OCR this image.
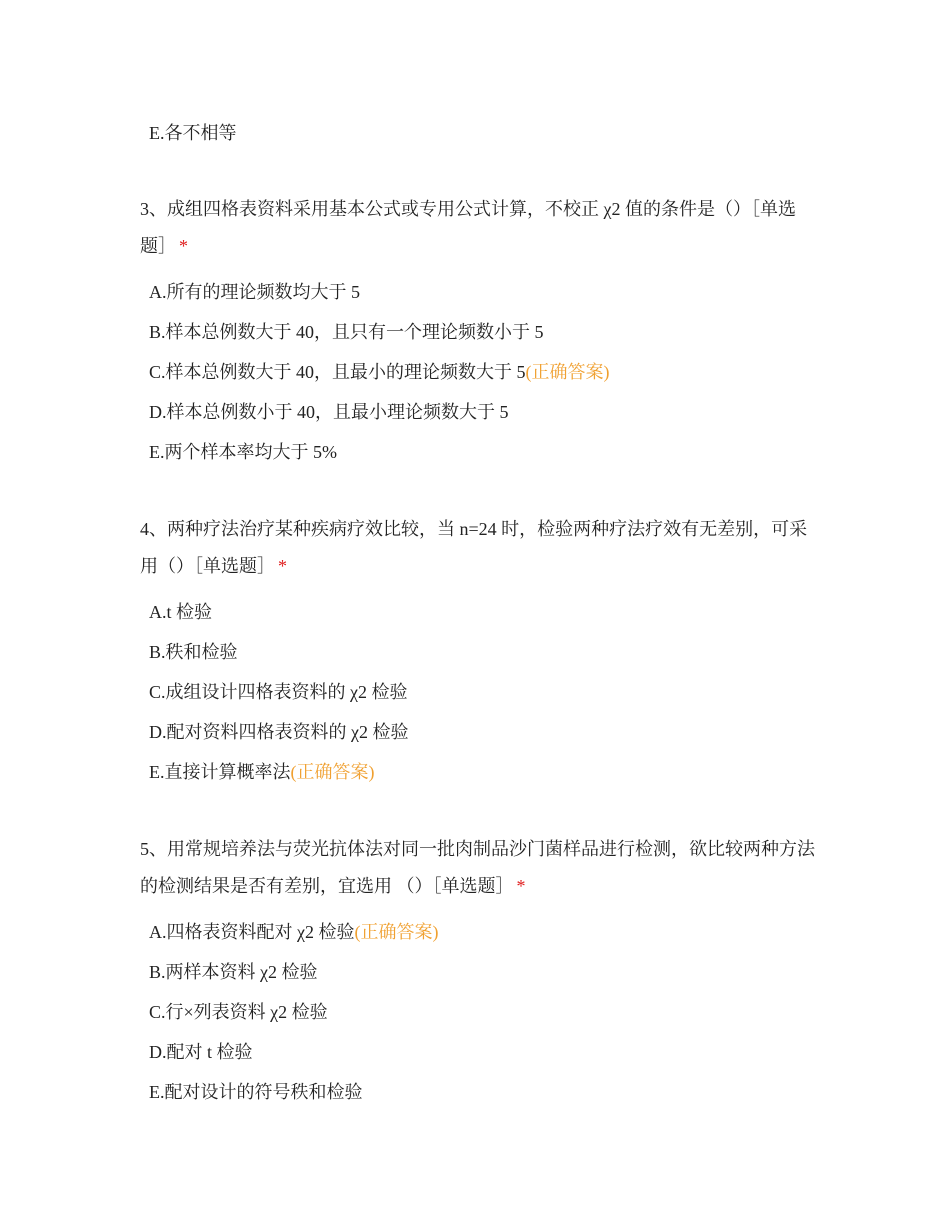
E.各不相等

3、成组四格表资料采用基本公式或专用公式计算，不校正 χ2 值的条件是（）［单选题］ *

A.所有的理论频数均大于 5
B.样本总例数大于 40，且只有一个理论频数小于 5
C.样本总例数大于 40，且最小的理论频数大于 5(正确答案)
D.样本总例数小于 40，且最小理论频数大于 5
E.两个样本率均大于 5%

4、两种疗法治疗某种疾病疗效比较，当 n=24 时，检验两种疗法疗效有无差别，可采用（）［单选题］ *

A.t 检验
B.秩和检验
C.成组设计四格表资料的 χ2 检验
D.配对资料四格表资料的 χ2 检验
E.直接计算概率法(正确答案)

5、用常规培养法与荧光抗体法对同一批肉制品沙门菌样品进行检测，欲比较两种方法的检测结果是否有差别，宜选用 （）［单选题］ *

A.四格表资料配对 χ2 检验(正确答案)
B.两样本资料 χ2 检验
C.行×列表资料 χ2 检验
D.配对 t 检验
E.配对设计的符号秩和检验
